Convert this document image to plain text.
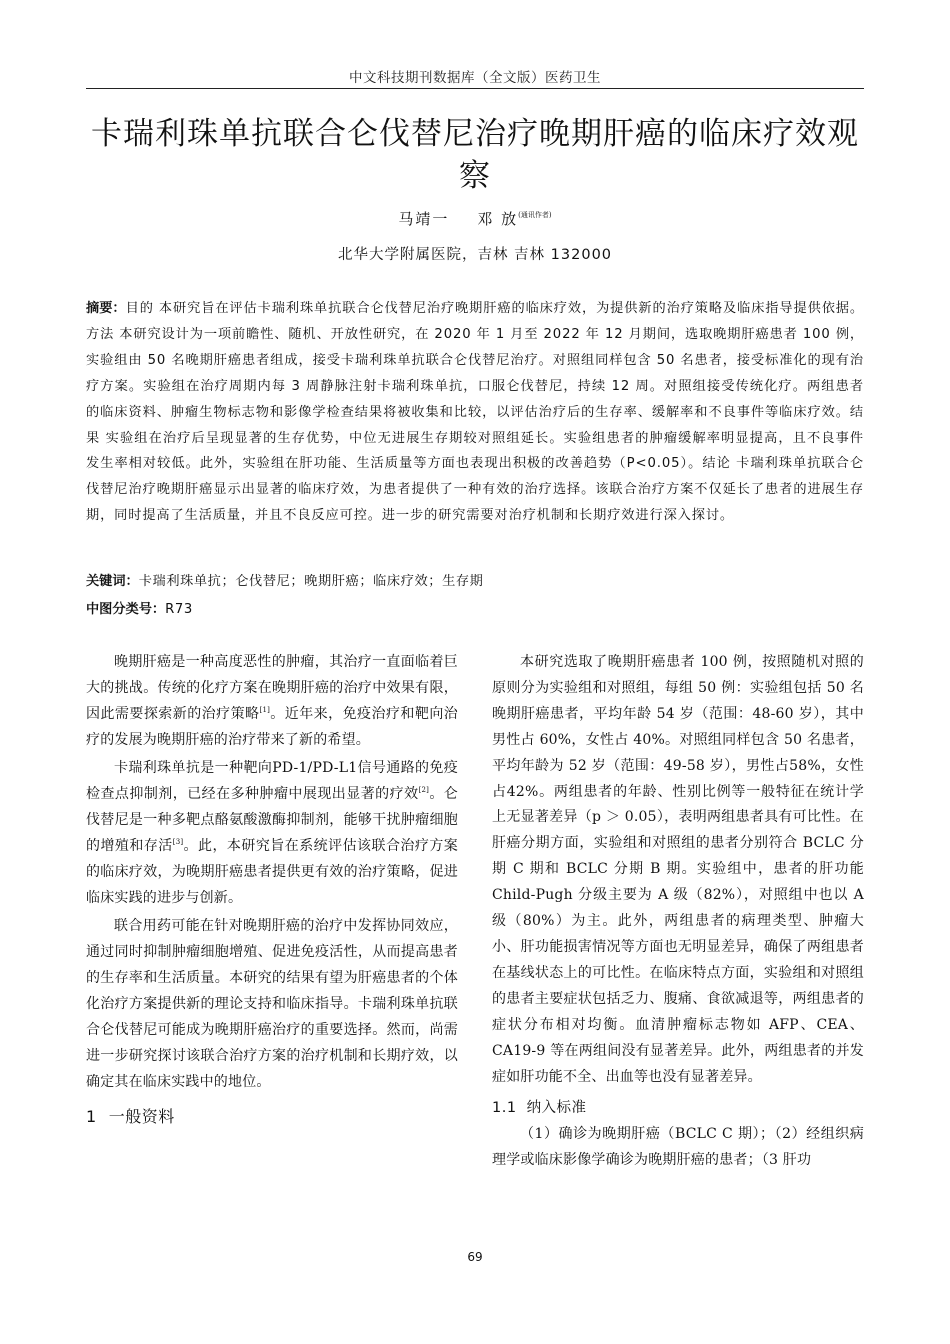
中文科技期刊数据库（全文版）医药卫生
卡瑞利珠单抗联合仑伐替尼治疗晚期肝癌的临床疗效观察
马靖一 邓 放$^{(通讯作者)}$
北华大学附属医院，吉林 吉林 132000

摘要：目的 本研究旨在评估卡瑞利珠单抗联合仑伐替尼治疗晚期肝癌的临床疗效，为提供新的治疗策略及临床指导提供依据。方法 本研究设计为一项前瞻性、随机、开放性研究，在 2020 年 1 月至 2022 年 12 月期间，选取晚期肝癌患者 100 例，实验组由 50 名晚期肝癌患者组成，接受卡瑞利珠单抗联合仑伐替尼治疗。对照组同样包含 50 名患者，接受标准化的现有治疗方案。实验组在治疗周期内每 3 周静脉注射卡瑞利珠单抗，口服仑伐替尼，持续 12 周。对照组接受传统化疗。两组患者的临床资料、肿瘤生物标志物和影像学检查结果将被收集和比较，以评估治疗后的生存率、缓解率和不良事件等临床疗效。结果 实验组在治疗后呈现显著的生存优势，中位无进展生存期较对照组延长。实验组患者的肿瘤缓解率明显提高，且不良事件发生率相对较低。此外，实验组在肝功能、生活质量等方面也表现出积极的改善趋势（P<0.05）。结论 卡瑞利珠单抗联合仑伐替尼治疗晚期肝癌显示出显著的临床疗效，为患者提供了一种有效的治疗选择。该联合治疗方案不仅延长了患者的进展生存期，同时提高了生活质量，并且不良反应可控。进一步的研究需要对治疗机制和长期疗效进行深入探讨。

关键词：卡瑞利珠单抗；仑伐替尼；晚期肝癌；临床疗效；生存期
中图分类号：R73

晚期肝癌是一种高度恶性的肿瘤，其治疗一直面临着巨大的挑战。传统的化疗方案在晚期肝癌的治疗中效果有限，因此需要探索新的治疗策略[1]。近年来，免疫治疗和靶向治疗的发展为晚期肝癌的治疗带来了新的希望。

卡瑞利珠单抗是一种靶向PD-1/PD-L1信号通路的免疫检查点抑制剂，已经在多种肿瘤中展现出显著的疗效[2]。仑伐替尼是一种多靶点酪氨酸激酶抑制剂，能够干扰肿瘤细胞的增殖和存活[3]。此，本研究旨在系统评估该联合治疗方案的临床疗效，为晚期肝癌患者提供更有效的治疗策略，促进临床实践的进步与创新。

联合用药可能在针对晚期肝癌的治疗中发挥协同效应，通过同时抑制肿瘤细胞增殖、促进免疫活性，从而提高患者的生存率和生活质量。本研究的结果有望为肝癌患者的个体化治疗方案提供新的理论支持和临床指导。卡瑞利珠单抗联合仑伐替尼可能成为晚期肝癌治疗的重要选择。然而，尚需进一步研究探讨该联合治疗方案的治疗机制和长期疗效，以确定其在临床实践中的地位。

1 一般资料

本研究选取了晚期肝癌患者 100 例，按照随机对照的原则分为实验组和对照组，每组 50 例：实验组包括 50 名晚期肝癌患者，平均年龄 54 岁（范围：48-60 岁），其中男性占 60%，女性占 40%。对照组同样包含 50 名患者，平均年龄为 52 岁（范围：49-58 岁），男性占58%，女性占42%。两组患者的年龄、性别比例等一般特征在统计学上无显著差异（p ＞ 0.05），表明两组患者具有可比性。在肝癌分期方面，实验组和对照组的患者分别符合 BCLC 分期 C 期和 BCLC 分期 B 期。实验组中，患者的肝功能 Child-Pugh 分级主要为 A 级（82%），对照组中也以 A 级（80%）为主。此外，两组患者的病理类型、肿瘤大小、肝功能损害情况等方面也无明显差异，确保了两组患者在基线状态上的可比性。在临床特点方面，实验组和对照组的患者主要症状包括乏力、腹痛、食欲减退等，两组患者的症状分布相对均衡。血清肿瘤标志物如 AFP、CEA、CA19-9 等在两组间没有显著差异。此外，两组患者的并发症如肝功能不全、出血等也没有显著差异。

1.1 纳入标准

（1）确诊为晚期肝癌（BCLC C 期）；（2）经组织病理学或临床影像学确诊为晚期肝癌的患者；（3 肝功

69
